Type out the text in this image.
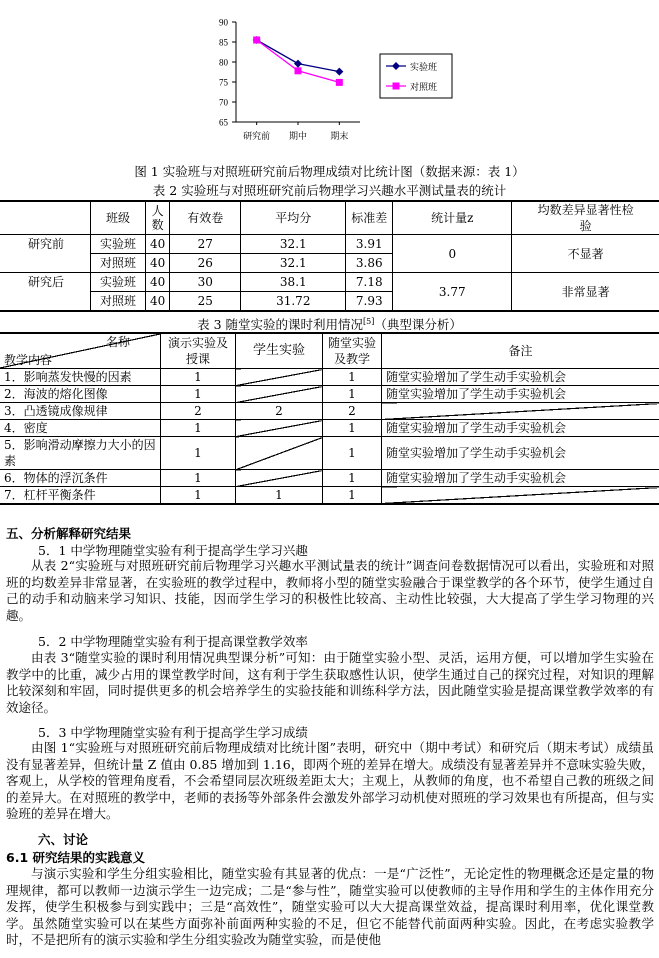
90
85
80
75
70
65
研究前 期中	期末
实验班
对照班
图 1 实验班与对照班研究前后物理成绩对比统计图（数据来源：表 1）
表 2 实验班与对照班研究前后物理学习兴趣水平测试量表的统计
	班级	人数	有效卷	平均分	标准差	统计量z	均数差异显著性检验
研究前	实验班	40	27	32.1	3.91	0	不显著
	对照班	40	26	32.1	3.86		
研究后	实验班	40	30	38.1	7.18	3.77	非常显著
	对照班	40	25	31.72	7.93		
表 3 随堂实验的课时利用情况[5]（典型课分析）
名称
教学内容	演示实验及授课	学生实验	随堂实验及教学	备注
1．影响蒸发快慢的因素	1		1	随堂实验增加了学生动手实验机会
2．海波的熔化图像	1		1	随堂实验增加了学生动手实验机会
3．凸透镜成像规律	2	2	2	
4．密度	1		1	随堂实验增加了学生动手实验机会
5．影响滑动摩擦力大小的因素	1		1	随堂实验增加了学生动手实验机会
6．物体的浮沉条件	1		1	随堂实验增加了学生动手实验机会
7．杠杆平衡条件	1	1	1	
五、分析解释研究结果
5．1 中学物理随堂实验有利于提高学生学习兴趣
从表 2“实验班与对照班研究前后物理学习兴趣水平测试量表的统计”调查问卷数据情况可以看出，实验班和对照班的均数差异非常显著，在实验班的教学过程中，教师将小型的随堂实验融合于课堂教学的各个环节，使学生通过自己的动手和动脑来学习知识、技能，因而学生学习的积极性比较高、主动性比较强，大大提高了学生学习物理的兴趣。
5．2 中学物理随堂实验有利于提高课堂教学效率
由表 3“随堂实验的课时利用情况典型课分析”可知：由于随堂实验小型、灵活，运用方便，可以增加学生实验在教学中的比重，减少占用的课堂教学时间，这有利于学生获取感性认识，使学生通过自己的探究过程，对知识的理解比较深刻和牢固，同时提供更多的机会培养学生的实验技能和训练科学方法，因此随堂实验是提高课堂教学效率的有效途径。
5．3 中学物理随堂实验有利于提高学生学习成绩
由图 1“实验班与对照班研究前后物理成绩对比统计图”表明，研究中（期中考试）和研究后（期末考试）成绩虽没有显著差异，但统计量 Z 值由 0.85 增加到 1.16，即两个班的差异在增大。成绩没有显著差异并不意味实验失败，客观上，从学校的管理角度看，不会希望同层次班级差距太大；主观上，从教师的角度，也不希望自己教的班级之间的差异大。在对照班的教学中，老师的表扬等外部条件会激发外部学习动机使对照班的学习效果也有所提高，但与实验班的差异在增大。
六、讨论
6.1 研究结果的实践意义
与演示实验和学生分组实验相比，随堂实验有其显著的优点：一是“广泛性”，无论定性的物理概念还是定量的物理规律，都可以教师一边演示学生一边完成；二是“参与性”，随堂实验可以使教师的主导作用和学生的主体作用充分发挥，使学生积极参与到实践中；三是“高效性”，随堂实验可以大大提高课堂效益，提高课时利用率，优化课堂教学。虽然随堂实验可以在某些方面弥补前面两种实验的不足，但它不能替代前面两种实验。因此，在考虑实验教学时，不是把所有的演示实验和学生分组实验改为随堂实验，而是使他
